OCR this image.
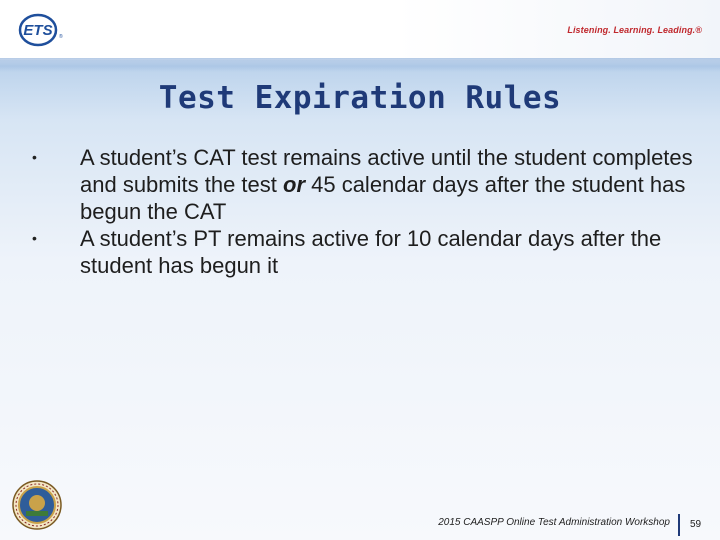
ETS ®
Listening. Learning. Leading.®
Test Expiration Rules
•	A student’s CAT test remains active until the student completes and submits the test or 45 calendar days after the student has begun the CAT
•	A student’s PT remains active for 10 calendar days after the student has begun it
2015 CAASPP Online Test Administration Workshop 59
